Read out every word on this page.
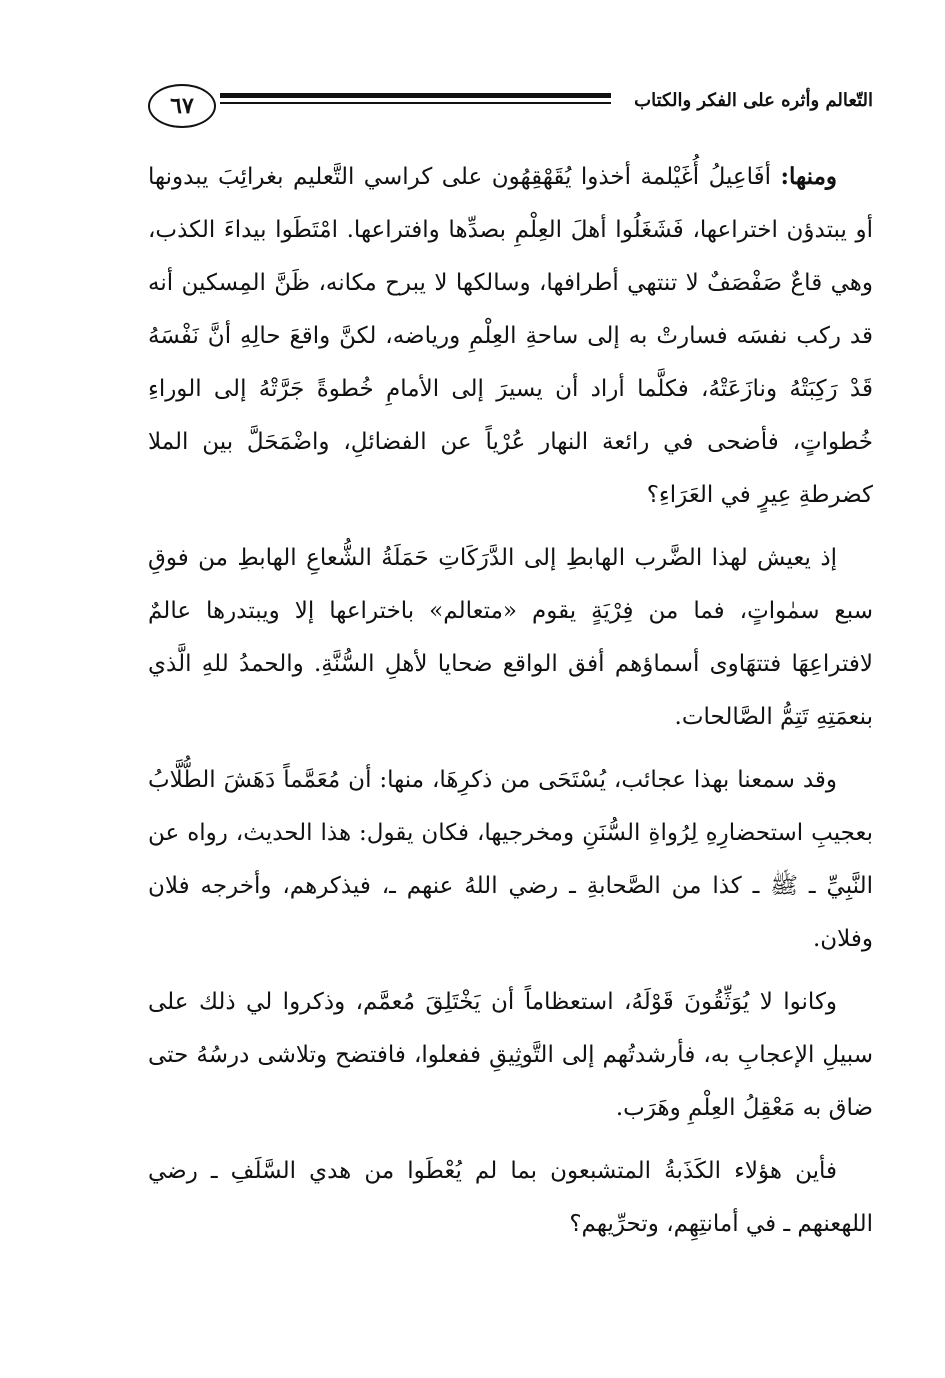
٦٧	التّعالم وأثره على الفكر والكتاب

ومنها: أفَاعِيلُ أُغَيْلمة أخذوا يُقَهْقِهُون على كراسي التَّعليم بغرائِبَ يبدونها أو يبتدؤن اختراعها، فَشَغَلُوا أهلَ العِلْمِ بصدِّها وافتراعها. امْتَطَوا بيداءَ الكذب، وهي قاعٌ صَفْصَفٌ لا تنتهي أطرافها، وسالكها لا يبرح مكانه، ظَنَّ المِسكين أنه قد ركب نفسَه فسارتْ به إلى ساحةِ العِلْمِ ورياضه، لكنَّ واقعَ حالِهِ أنَّ نَفْسَهُ قَدْ رَكِبَتْهُ ونازَعَتْهُ، فكلَّما أراد أن يسيرَ إلى الأمامِ خُطوةً جَرَّتْهُ إلى الوراءِ خُطواتٍ، فأضحى في رائعة النهار عُرْياً عن الفضائلِ، واضْمَحَلَّ بين الملا كضرطةِ عِيرٍ في العَرَاءِ؟

إذ يعيش لهذا الضَّرب الهابطِ إلى الدَّرَكَاتِ حَمَلَةُ الشُّعاعِ الهابطِ من فوقِ سبع سمٰواتٍ، فما من فِرْيَةٍ يقوم «متعالم» باختراعها إلا ويبتدرها عالمٌ لافتراعِهَا فتتهَاوى أسماؤهم أفق الواقع ضحايا لأهلِ السُّنَّةِ. والحمدُ للهِ الَّذي بنعمَتِهِ تَتِمُّ الصَّالحات.

وقد سمعنا بهذا عجائب، يُسْتَحَى من ذكرِهَا، منها: أن مُعَمَّماً دَهَشَ الطُّلَّابُ بعجيبِ استحضارِهِ لِرُواةِ السُّنَنِ ومخرجيها، فكان يقول: هذا الحديث، رواه عن النَّبِيِّ ـ ﷺ ـ كذا من الصَّحابةِ ـ رضي اللهُ عنهم ـ، فيذكرهم، وأخرجه فلان وفلان.

وكانوا لا يُوَثِّقُونَ قَوْلَهُ، استعظاماً أن يَخْتَلِقَ مُعمَّم، وذكروا لي ذلك على سبيلِ الإعجابِ به، فأرشدتُهم إلى التَّوثِيقِ ففعلوا، فافتضح وتلاشى درسُهُ حتى ضاق به مَعْقِلُ العِلْمِ وهَرَب.

فأين هؤلاء الكَذَبةُ المتشبعون بما لم يُعْطَوا من هدي السَّلَفِ ـ رضي اللهعنهم ـ في أمانتِهِم، وتحرِّيهم؟
